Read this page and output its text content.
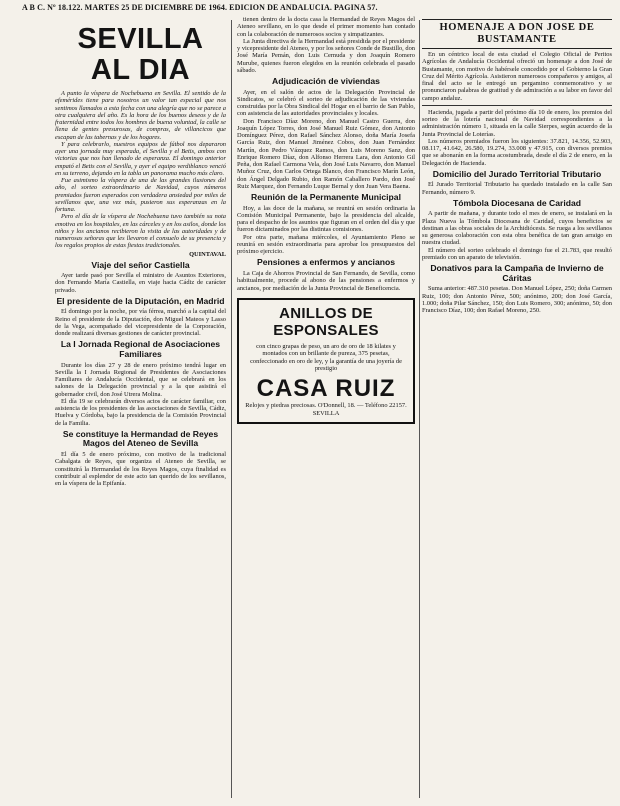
A B C. Nº 18.122. MARTES 25 DE DICIEMBRE DE 1964. EDICION DE ANDALUCIA. PAGINA 57.
SEVILLA AL DIA

A punto la víspera de Nochebuena en Sevilla. El sentido de la efemérides tiene para nosotros un valor tan especial que nos sentimos llamados a esta fecha con una alegría que no se parece a otra cualquiera del año. Es la hora de los buenos deseos y de la fraternidad entre todos los hombres de buena voluntad, la calle se llena de gentes presurosas, de compras, de villancicos que escapan de las tabernas y de los hogares.

Y para celebrarlo, nuestros equipos de fútbol nos depararon ayer una jornada muy esperada, el Sevilla y el Betis, ambos con victorias que nos han llenado de esperanza. El domingo anterior empató el Betis con el Sevilla, y ayer el equipo verdiblanco venció en su terreno, dejando en la tabla un panorama mucho más claro.

Fue asimismo la víspera de una de las grandes ilusiones del año, el sorteo extraordinario de Navidad, cuyos números premiados fueron esperados con verdadera ansiedad por miles de sevillanos que, una vez más, pusieron sus esperanzas en la fortuna.

Pero el día de la víspera de Nochebuena tuvo también su nota emotiva en los hospitales, en las cárceles y en los asilos, donde los niños y los ancianos recibieron la visita de las autoridades y de numerosas señoras que les llevaron el consuelo de su presencia y los regalos propios de estas fiestas tradicionales.

QUINTAVAL
Viaje del señor Castiella

Ayer tarde pasó por Sevilla el ministro de Asuntos Exteriores, don Fernando María Castiella, en viaje hacia Cádiz de carácter privado.

El presidente de la Diputación, en Madrid

El domingo por la noche, por vía férrea, marchó a la capital del Reino el presidente de la Diputación, don Miguel Mateos y Lasso de la Vega, acompañado del vicepresidente de la Corporación, donde realizará diversas gestiones de carácter provincial.

La I Jornada Regional de Asociaciones Familiares

Durante los días 27 y 28 de enero próximo tendrá lugar en Sevilla la I Jornada Regional de Presidentes de Asociaciones Familiares de Andalucía Occidental, que se celebrará en los salones de la Delegación provincial y a la que asistirá el gobernador civil, don José Utrera Molina.

El día 19 se celebrarán diversos actos de carácter familiar, con asistencia de los presidentes de las asociaciones de Sevilla, Cádiz, Huelva y Córdoba, bajo la presidencia de la Comisión Provincial de la Familia.

Se constituye la Hermandad de Reyes Magos del Ateneo de Sevilla

El día 5 de enero próximo, con motivo de la tradicional Cabalgata de Reyes, que organiza el Ateneo de Sevilla, se constituirá la Hermandad de los Reyes Magos, cuya finalidad es contribuir al esplendor de este acto tan querido de los sevillanos, en la víspera de la Epifanía.

tienen dentro de la docta casa la Hermandad de Reyes Magos del Ateneo sevillano, en lo que desde el primer momento han contado con la colaboración de numerosos socios y simpatizantes.

La Junta directiva de la Hermandad está presidida por el presidente y vicepresidente del Ateneo, y por los señores Conde de Bustillo, don José María Pemán, don Luis Cernuda y don Joaquín Romero Murube, quienes fueron elegidos en la reunión celebrada el pasado sábado.

Adjudicación de viviendas

Ayer, en el salón de actos de la Delegación Provincial de Sindicatos, se celebró el sorteo de adjudicación de las viviendas construidas por la Obra Sindical del Hogar en el barrio de San Pablo, con asistencia de las autoridades provinciales y locales.

Don Francisco Díaz Moreno, don Manuel Castro Guerra, don Joaquín López Torres, don José Manuel Ruiz Gómez, don Antonio Domínguez Pérez, don Rafael Sánchez Alonso, doña María Josefa García Ruiz, don Manuel Jiménez Cobos, don Juan Fernández Martín, don Pedro Vázquez Ramos, don Luis Moreno Sanz, don Enrique Romero Díaz, don Alfonso Herrera Lara, don Antonio Gil Peña, don Rafael Carmona Vela, don José Luis Navarro, don Manuel Muñoz Cruz, don Carlos Ortega Blanco, don Francisco Marín León, don Ángel Delgado Rubio, don Ramón Caballero Pardo, don José Ruiz Marquez, don Fernando Luque Bernal y don Juan Vera Baena.

Reunión de la Permanente Municipal

Hoy, a las doce de la mañana, se reunirá en sesión ordinaria la Comisión Municipal Permanente, bajo la presidencia del alcalde, para el despacho de los asuntos que figuran en el orden del día y que fueron dictaminados por las distintas comisiones.

Por otra parte, mañana miércoles, el Ayuntamiento Pleno se reunirá en sesión extraordinaria para aprobar los presupuestos del próximo ejercicio.

Pensiones a enfermos y ancianos

La Caja de Ahorros Provincial de San Fernando, de Sevilla, como habitualmente, procede al abono de las pensiones a enfermos y ancianos, por mediación de la Junta Provincial de Beneficencia.

ANILLOS DE ESPONSALES

con cinco grapas de peso, un aro de oro de 18 kilates y montados con un brillante de pureza, 375 pesetas, confeccionado en oro de ley, y la garantía de una joyería de prestigio

CASA RUIZ

Relojes y piedras preciosas. O'Donnell, 18. — Teléfono 22157. SEVILLA

HOMENAJE A DON JOSE DE BUSTAMANTE

En un céntrico local de esta ciudad el Colegio Oficial de Peritos Agrícolas de Andalucía Occidental ofreció un homenaje a don José de Bustamante, con motivo de habérsele concedido por el Gobierno la Gran Cruz del Mérito Agrícola. Asistieron numerosos compañeros y amigos, al final del acto se le entregó un pergamino conmemorativo y se pronunciaron palabras de gratitud y de admiración a su labor en favor del campo andaluz.

Hacienda, jugada a partir del próximo día 10 de enero, los premios del sorteo de la lotería nacional de Navidad correspondientes a la administración número 1, situada en la calle Sierpes, según acuerdo de la Junta Provincial de Loterías.

Los números premiados fueron los siguientes: 37.821, 14.356, 52.903, 08.117, 41.642, 26.580, 19.274, 33.008 y 47.915, con diversos premios que se abonarán en la forma acostumbrada, desde el día 2 de enero, en la Delegación de Hacienda.

Domicilio del Jurado Territorial Tributario

El Jurado Territorial Tributario ha quedado instalado en la calle San Fernando, número 9.

Tómbola Diocesana de Caridad

A partir de mañana, y durante todo el mes de enero, se instalará en la Plaza Nueva la Tómbola Diocesana de Caridad, cuyos beneficios se destinan a las obras sociales de la Archidiócesis. Se ruega a los sevillanos su generosa colaboración con esta obra benéfica de tan gran arraigo en nuestra ciudad.

El número del sorteo celebrado el domingo fue el 21.783, que resultó premiado con un aparato de televisión.

Donativos para la Campaña de Invierno de Cáritas

Suma anterior: 487.310 pesetas. Don Manuel López, 250; doña Carmen Ruiz, 100; don Antonio Pérez, 500; anónimo, 200; don José García, 1.000; doña Pilar Sánchez, 150; don Luis Romero, 300; anónimo, 50; don Francisco Díaz, 100; don Rafael Moreno, 250.
